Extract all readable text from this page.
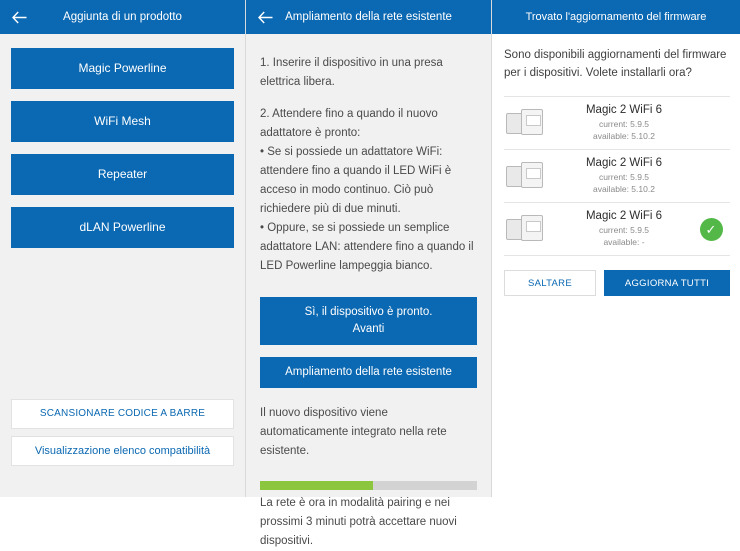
Aggiunta di un prodotto
Magic Powerline
WiFi Mesh
Repeater
dLAN Powerline
SCANSIONARE CODICE A BARRE
Visualizzazione elenco compatibilità
Ampliamento della rete esistente

1. Inserire il dispositivo in una presa elettrica libera.

2. Attendere fino a quando il nuovo adattatore è pronto:

• Se si possiede un adattatore WiFi: attendere fino a quando il LED WiFi è acceso in modo continuo. Ciò può richiedere più di due minuti.

• Oppure, se si possiede un semplice adattatore LAN: attendere fino a quando il LED Powerline lampeggia bianco.

Sì, il dispositivo è pronto.
Avanti
Ampliamento della rete esistente

Il nuovo dispositivo viene automaticamente integrato nella rete esistente.

La rete è ora in modalità pairing e nei prossimi 3 minuti potrà accettare nuovi dispositivi.

Trovato l'aggiornamento del firmware
Sono disponibili aggiornamenti del firmware per i dispositivi. Volete installarli ora?
Magic 2 WiFi 6
current: 5.9.5
available: 5.10.2
Magic 2 WiFi 6
current: 5.9.5
available: 5.10.2
Magic 2 WiFi 6
current: 5.9.5
available: -
✓
SALTARE	AGGIORNA TUTTI
